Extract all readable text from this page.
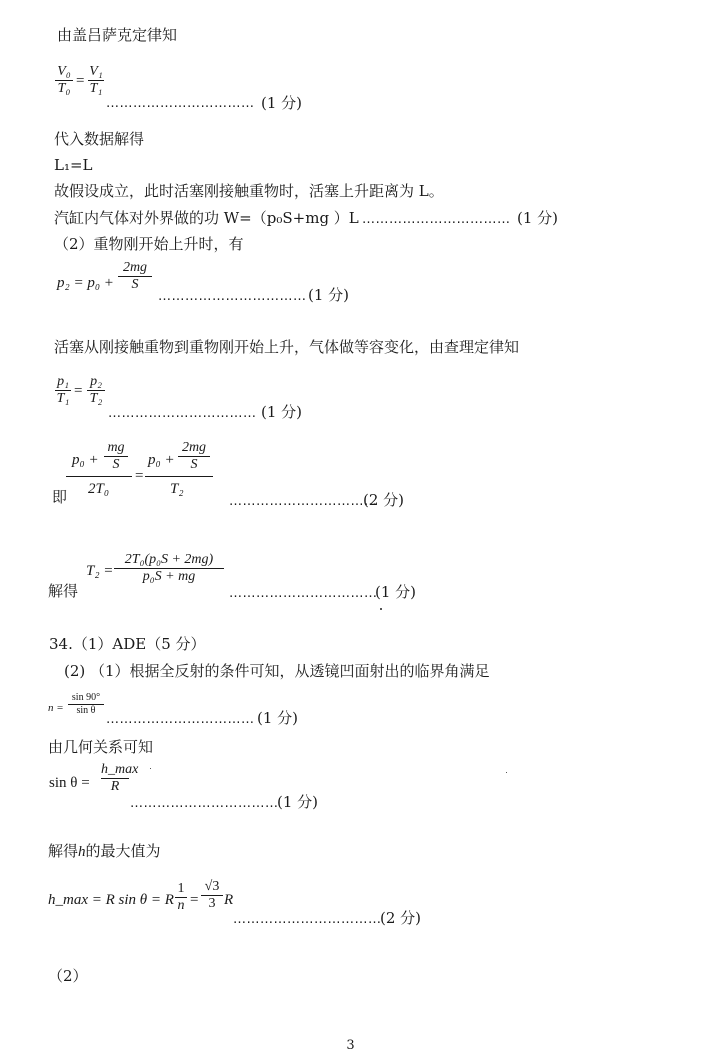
由盖吕萨克定律知
V₀
T₀ =
V₁
T₁
…………………………… (1 分)
代入数据解得
L₁=L
故假设成立，此时活塞刚接触重物时，活塞上升距离为 L。
汽缸内气体对外界做的功 W=（p₀S+mg ）L …………………………… (1 分)
（2）重物刚开始上升时，有
p₂ = p₀ +
2mg
S
…………………………… (1 分)
活塞从刚接触重物到重物刚开始上升，气体做等容变化，由查理定律知
p₁
T₁ =
p₂
T₂
…………………………… (1 分)
p₀ +
mg
S
2T₀
=
p₀ +
2mg
S
T₂
即	……………………………
(2 分)
T₂ =
2T₀(p₀S + 2mg)
p₀S + mg
解得	……………………………
(1 分)
34.（1）ADE（5 分）
(2) （1）根据全反射的条件可知，从透镜凹面射出的临界角满足
n =
sin 90°
sin θ
…………………………… (1 分)
由几何关系可知
sin θ =
h_max
R
……………………………
(1 分)
解得h的最大值为
h_max = R sin θ = R
1
n =
√3
3 R
……………………………
(2 分)
（2）
3
